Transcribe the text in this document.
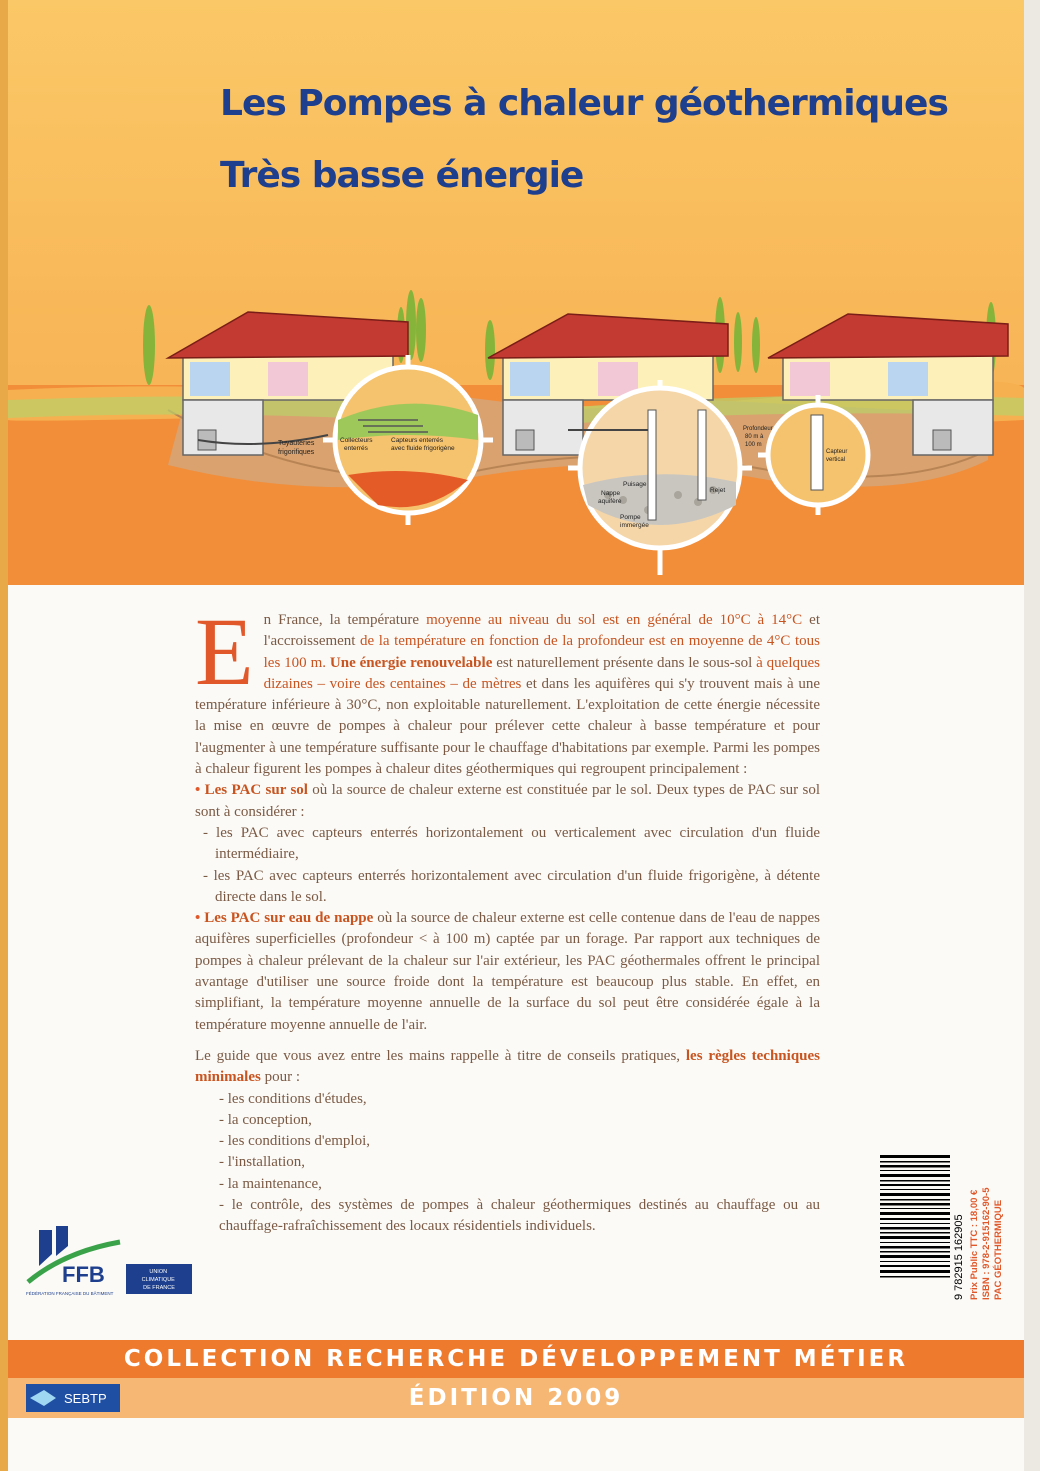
Les Pompes à chaleur géothermiques
Très basse énergie
Tuyauteries frigorifiques
Collecteurs enterrés
Capteurs enterrés avec fluide frigorigène
Puisage
Rejet
Nappe aquifère
Pompe immergée
Profondeur 80 m à 100 m
Capteur vertical

En France, la température moyenne au niveau du sol est en général de 10°C à 14°C et l'accroissement de la température en fonction de la profondeur est en moyenne de 4°C tous les 100 m. Une énergie renouvelable est naturellement présente dans le sous-sol à quelques dizaines – voire des centaines – de mètres et dans les aquifères qui s'y trouvent mais à une température inférieure à 30°C, non exploitable naturellement. L'exploitation de cette énergie nécessite la mise en œuvre de pompes à chaleur pour prélever cette chaleur à basse température et pour l'augmenter à une température suffisante pour le chauffage d'habitations par exemple. Parmi les pompes à chaleur figurent les pompes à chaleur dites géothermiques qui regroupent principalement :

• Les PAC sur sol où la source de chaleur externe est constituée par le sol. Deux types de PAC sur sol sont à considérer :

- les PAC avec capteurs enterrés horizontalement ou verticalement avec circulation d'un fluide intermédiaire,

- les PAC avec capteurs enterrés horizontalement avec circulation d'un fluide frigorigène, à détente directe dans le sol.

• Les PAC sur eau de nappe où la source de chaleur externe est celle contenue dans de l'eau de nappes aquifères superficielles (profondeur < à 100 m) captée par un forage. Par rapport aux techniques de pompes à chaleur prélevant de la chaleur sur l'air extérieur, les PAC géothermales offrent le principal avantage d'utiliser une source froide dont la température est beaucoup plus stable. En effet, en simplifiant, la température moyenne annuelle de la surface du sol peut être considérée égale à la température moyenne annuelle de l'air.

Le guide que vous avez entre les mains rappelle à titre de conseils pratiques, les règles techniques minimales pour :

- les conditions d'études,

- la conception,

- les conditions d'emploi,

- l'installation,

- la maintenance,

- le contrôle, des systèmes de pompes à chaleur géothermiques destinés au chauffage ou au chauffage-rafraîchissement des locaux résidentiels individuels.

FFB
FÉDÉRATION FRANÇAISE DU BÂTIMENT
UNION CLIMATIQUE DE FRANCE	9 782915 162905 Prix Public TTC : 18,00 € ISBN : 978-2-915162-90-5 PAC GÉOTHERMIQUE
COLLECTION RECHERCHE DÉVELOPPEMENT MÉTIER
ÉDITION 2009
SEBTP
